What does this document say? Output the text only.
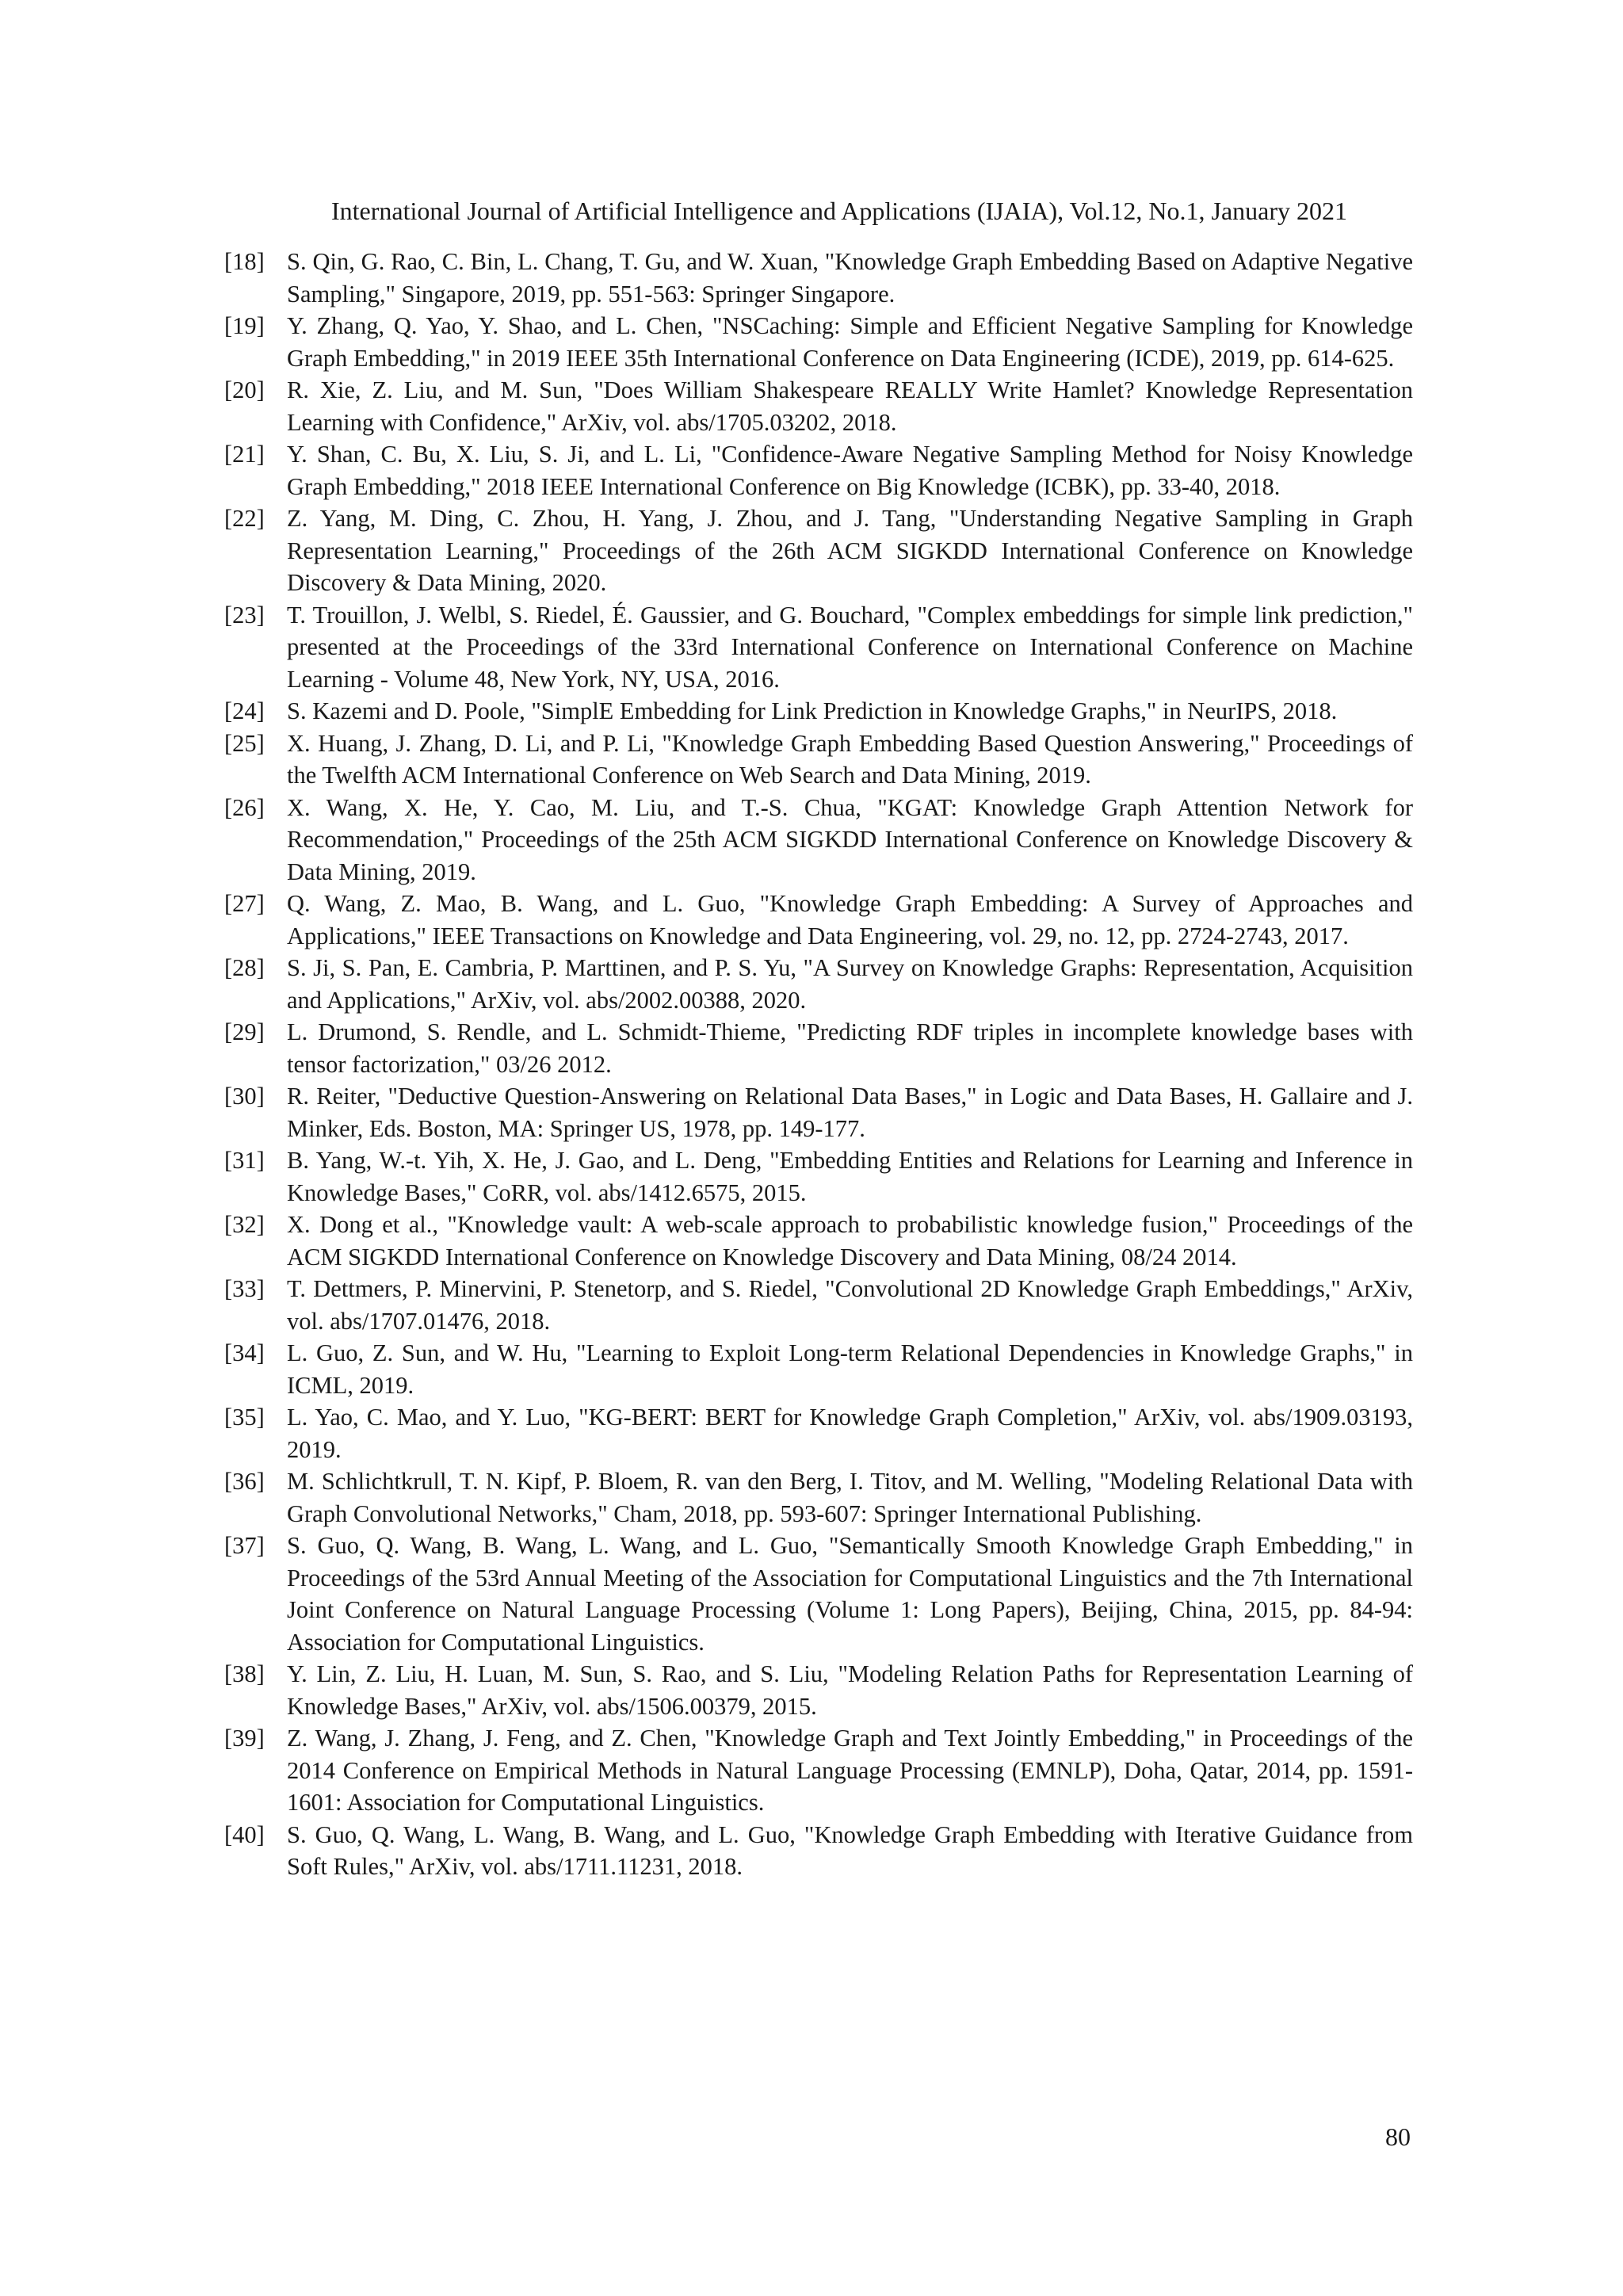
International Journal of Artificial Intelligence and Applications (IJAIA), Vol.12, No.1, January 2021
[18] S. Qin, G. Rao, C. Bin, L. Chang, T. Gu, and W. Xuan, "Knowledge Graph Embedding Based on Adaptive Negative Sampling," Singapore, 2019, pp. 551-563: Springer Singapore.
[19] Y. Zhang, Q. Yao, Y. Shao, and L. Chen, "NSCaching: Simple and Efficient Negative Sampling for Knowledge Graph Embedding," in 2019 IEEE 35th International Conference on Data Engineering (ICDE), 2019, pp. 614-625.
[20] R. Xie, Z. Liu, and M. Sun, "Does William Shakespeare REALLY Write Hamlet? Knowledge Representation Learning with Confidence," ArXiv, vol. abs/1705.03202, 2018.
[21] Y. Shan, C. Bu, X. Liu, S. Ji, and L. Li, "Confidence-Aware Negative Sampling Method for Noisy Knowledge Graph Embedding," 2018 IEEE International Conference on Big Knowledge (ICBK), pp. 33-40, 2018.
[22] Z. Yang, M. Ding, C. Zhou, H. Yang, J. Zhou, and J. Tang, "Understanding Negative Sampling in Graph Representation Learning," Proceedings of the 26th ACM SIGKDD International Conference on Knowledge Discovery & Data Mining, 2020.
[23] T. Trouillon, J. Welbl, S. Riedel, É. Gaussier, and G. Bouchard, "Complex embeddings for simple link prediction," presented at the Proceedings of the 33rd International Conference on International Conference on Machine Learning - Volume 48, New York, NY, USA, 2016.
[24] S. Kazemi and D. Poole, "SimplE Embedding for Link Prediction in Knowledge Graphs," in NeurIPS, 2018.
[25] X. Huang, J. Zhang, D. Li, and P. Li, "Knowledge Graph Embedding Based Question Answering," Proceedings of the Twelfth ACM International Conference on Web Search and Data Mining, 2019.
[26] X. Wang, X. He, Y. Cao, M. Liu, and T.-S. Chua, "KGAT: Knowledge Graph Attention Network for Recommendation," Proceedings of the 25th ACM SIGKDD International Conference on Knowledge Discovery & Data Mining, 2019.
[27] Q. Wang, Z. Mao, B. Wang, and L. Guo, "Knowledge Graph Embedding: A Survey of Approaches and Applications," IEEE Transactions on Knowledge and Data Engineering, vol. 29, no. 12, pp. 2724-2743, 2017.
[28] S. Ji, S. Pan, E. Cambria, P. Marttinen, and P. S. Yu, "A Survey on Knowledge Graphs: Representation, Acquisition and Applications," ArXiv, vol. abs/2002.00388, 2020.
[29] L. Drumond, S. Rendle, and L. Schmidt-Thieme, "Predicting RDF triples in incomplete knowledge bases with tensor factorization," 03/26 2012.
[30] R. Reiter, "Deductive Question-Answering on Relational Data Bases," in Logic and Data Bases, H. Gallaire and J. Minker, Eds. Boston, MA: Springer US, 1978, pp. 149-177.
[31] B. Yang, W.-t. Yih, X. He, J. Gao, and L. Deng, "Embedding Entities and Relations for Learning and Inference in Knowledge Bases," CoRR, vol. abs/1412.6575, 2015.
[32] X. Dong et al., "Knowledge vault: A web-scale approach to probabilistic knowledge fusion," Proceedings of the ACM SIGKDD International Conference on Knowledge Discovery and Data Mining, 08/24 2014.
[33] T. Dettmers, P. Minervini, P. Stenetorp, and S. Riedel, "Convolutional 2D Knowledge Graph Embeddings," ArXiv, vol. abs/1707.01476, 2018.
[34] L. Guo, Z. Sun, and W. Hu, "Learning to Exploit Long-term Relational Dependencies in Knowledge Graphs," in ICML, 2019.
[35] L. Yao, C. Mao, and Y. Luo, "KG-BERT: BERT for Knowledge Graph Completion," ArXiv, vol. abs/1909.03193, 2019.
[36] M. Schlichtkrull, T. N. Kipf, P. Bloem, R. van den Berg, I. Titov, and M. Welling, "Modeling Relational Data with Graph Convolutional Networks," Cham, 2018, pp. 593-607: Springer International Publishing.
[37] S. Guo, Q. Wang, B. Wang, L. Wang, and L. Guo, "Semantically Smooth Knowledge Graph Embedding," in Proceedings of the 53rd Annual Meeting of the Association for Computational Linguistics and the 7th International Joint Conference on Natural Language Processing (Volume 1: Long Papers), Beijing, China, 2015, pp. 84-94: Association for Computational Linguistics.
[38] Y. Lin, Z. Liu, H. Luan, M. Sun, S. Rao, and S. Liu, "Modeling Relation Paths for Representation Learning of Knowledge Bases," ArXiv, vol. abs/1506.00379, 2015.
[39] Z. Wang, J. Zhang, J. Feng, and Z. Chen, "Knowledge Graph and Text Jointly Embedding," in Proceedings of the 2014 Conference on Empirical Methods in Natural Language Processing (EMNLP), Doha, Qatar, 2014, pp. 1591-1601: Association for Computational Linguistics.
[40] S. Guo, Q. Wang, L. Wang, B. Wang, and L. Guo, "Knowledge Graph Embedding with Iterative Guidance from Soft Rules," ArXiv, vol. abs/1711.11231, 2018.
80
